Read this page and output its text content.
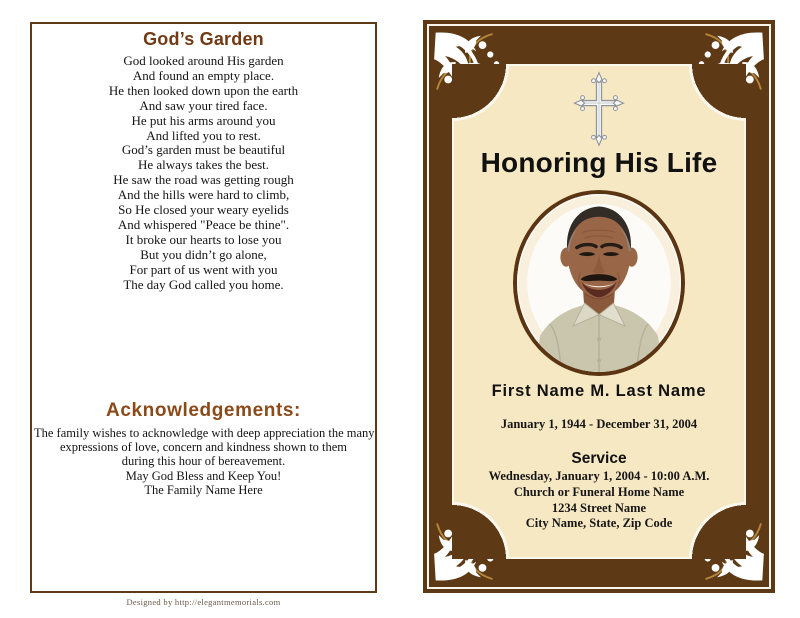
God’s Garden
God looked around His garden
And found an empty place.
He then looked down upon the earth
And saw your tired face.
He put his arms around you
And lifted you to rest.
God’s garden must be beautiful
He always takes the best.
He saw the road was getting rough
And the hills were hard to climb,
So He closed your weary eyelids
And whispered "Peace be thine".
It broke our hearts to lose you
But you didn’t go alone,
For part of us went with you
The day God called you home.
Acknowledgements:
The family wishes to acknowledge with deep appreciation the many
expressions of love, concern and kindness shown to them
during this hour of bereavement.
May God Bless and Keep You!
The Family Name Here
Designed by http://elegantmemorials.com
Honoring His Life
First Name M. Last Name
January 1, 1944 - December 31, 2004
Service
Wednesday, January 1, 2004 - 10:00 A.M.
Church or Funeral Home Name
1234 Street Name
City Name, State, Zip Code
